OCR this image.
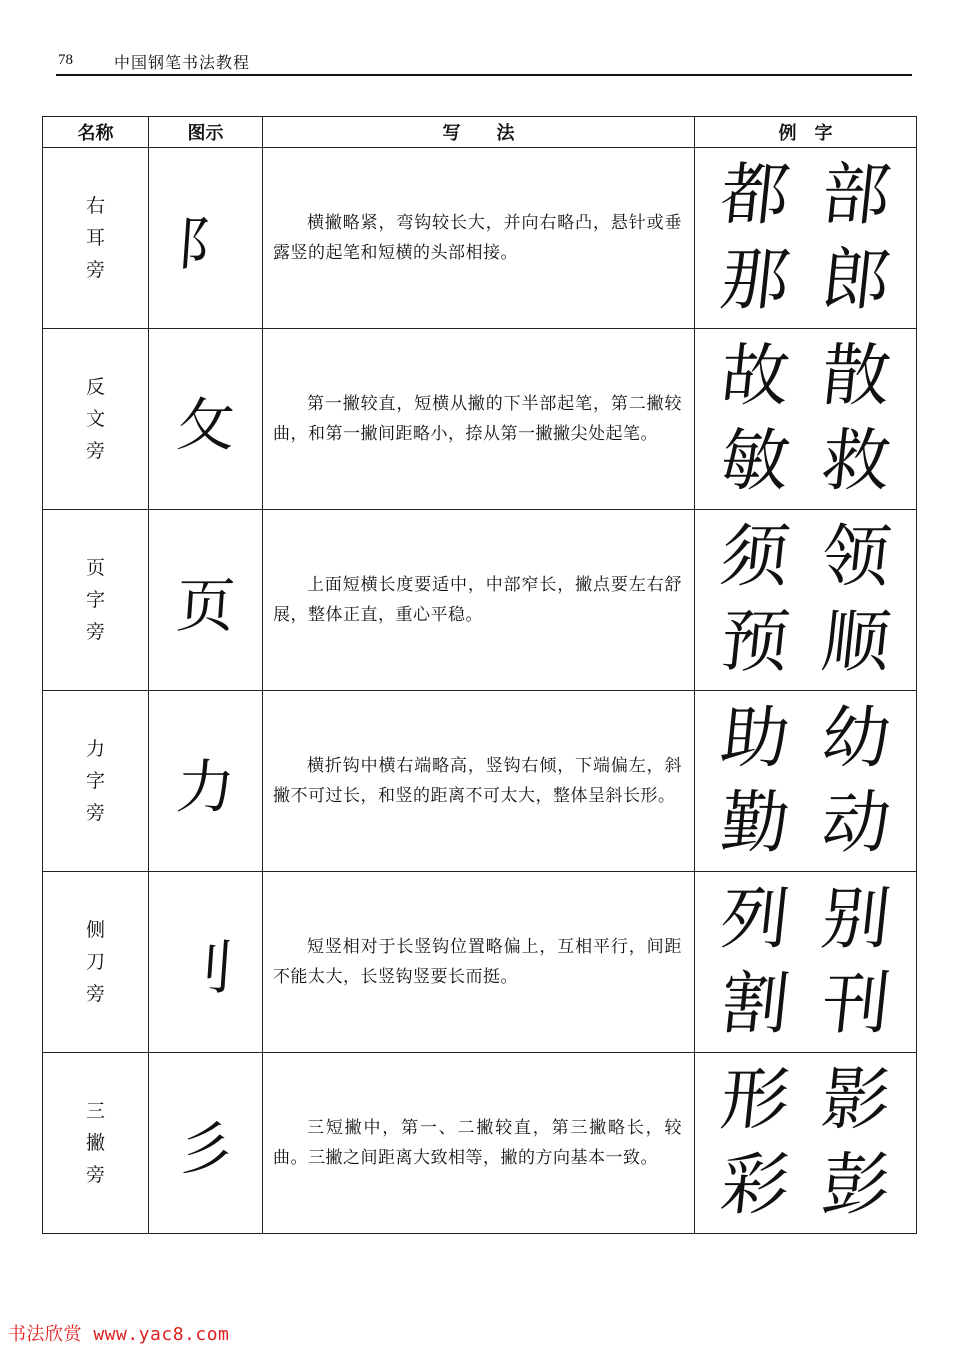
78	中国钢笔书法教程
名称	图示	写　　法	例　字

右
耳
旁	阝	横撇略紧，弯钩较长大，并向右略凸，悬针或垂露竖的起笔和短横的头部相接。	都 部
那 郎

反
文
旁	攵	第一撇较直，短横从撇的下半部起笔，第二撇较曲，和第一撇间距略小，捺从第一撇撇尖处起笔。	故 散
敏 救

页
字
旁	页	上面短横长度要适中，中部窄长，撇点要左右舒展，整体正直，重心平稳。	须 领
预 顺

力
字
旁	力	横折钩中横右端略高，竖钩右倾，下端偏左，斜撇不可过长，和竖的距离不可太大，整体呈斜长形。	助 幼
勤 动

侧
刀
旁	刂	短竖相对于长竖钩位置略偏上，互相平行，间距不能太大，长竖钩竖要长而挺。	列 别
割 刊

三
撇
旁	彡	三短撇中，第一、二撇较直，第三撇略长，较曲。三撇之间距离大致相等，撇的方向基本一致。	形 影
彩 彭
书法欣赏 www.yac8.com
